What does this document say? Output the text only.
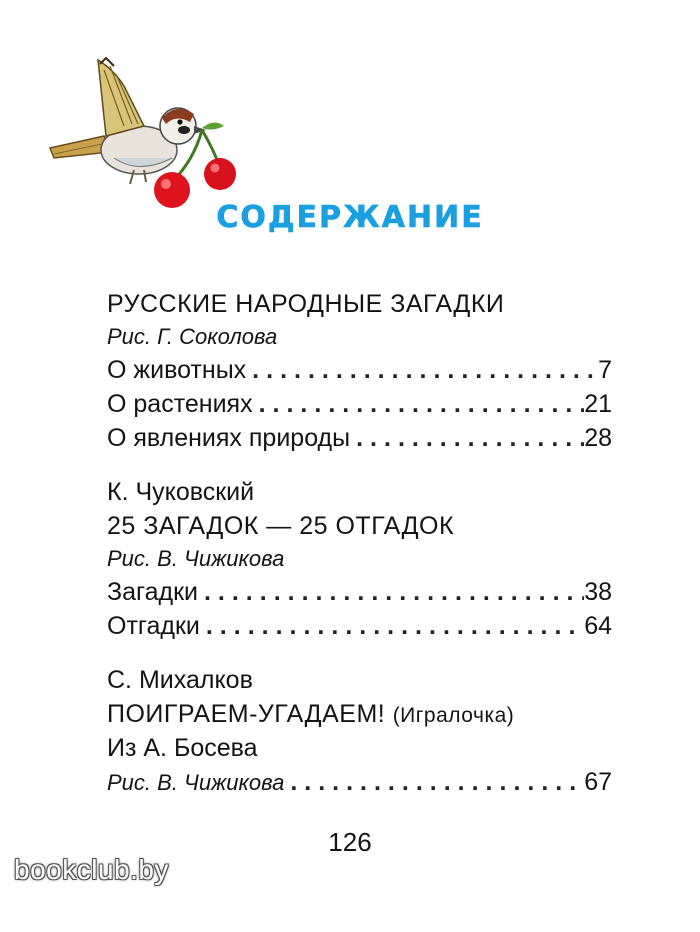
СОДЕРЖАНИЕ
РУССКИЕ НАРОДНЫЕ ЗАГАДКИ
Рис. Г. Соколова
О животных .....	7
О растениях .....	21
О явлениях природы .....	28
К. Чуковский
25 ЗАГАДОК — 25 ОТГАДОК
Рис. В. Чижикова
Загадки .....	38
Отгадки .....	64
С. Михалков
ПОИГРАЕМ-УГАДАЕМ! (Игралочка)
Из А. Босева
Рис. В. Чижикова .....	67
126
bookclub.by
